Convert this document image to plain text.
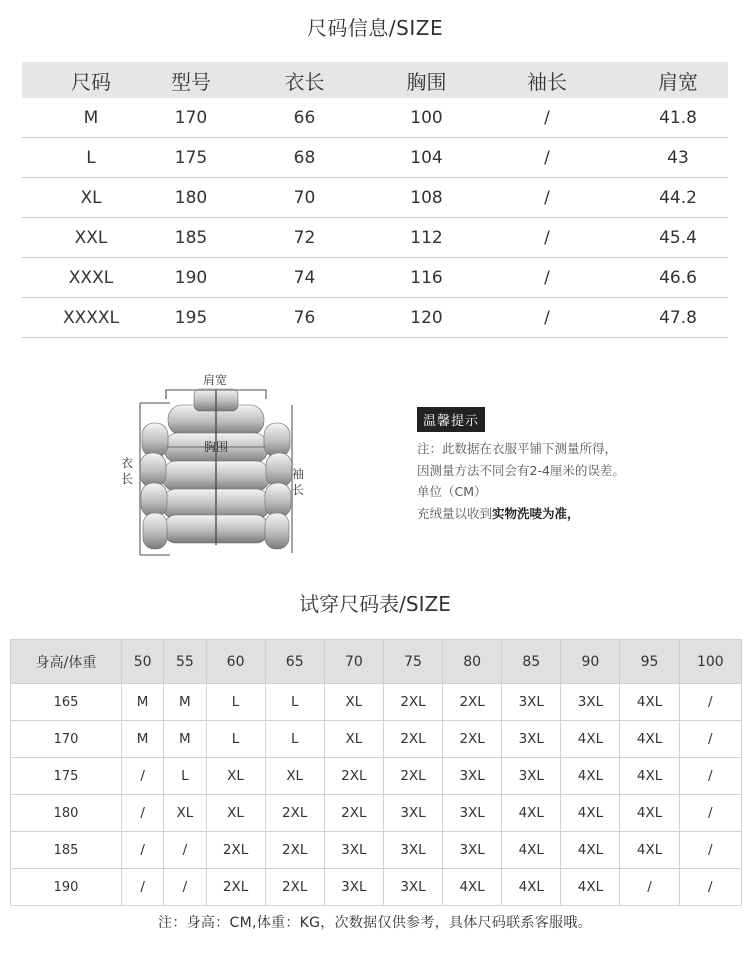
尺码信息/SIZE
尺码	型号	衣长	胸围	袖长	肩宽
M	170	66	100	/	41.8
L	175	68	104	/	43
XL	180	70	108	/	44.2
XXL	185	72	112	/	45.4
XXXL	190	74	116	/	46.6
XXXXL	195	76	120	/	47.8
肩宽
胸围
衣长	袖长
温馨提示
注：此数据在衣服平铺下测量所得，
因测量方法不同会有2-4厘米的误差。
单位（CM）
充绒量以收到实物洗唛为准，
试穿尺码表/SIZE
身高/体重	50	55	60	65	70	75	80	85	90	95	100
165	M	M	L	L	XL	2XL	2XL	3XL	3XL	4XL	/
170	M	M	L	L	XL	2XL	2XL	3XL	4XL	4XL	/
175	/	L	XL	XL	2XL	2XL	3XL	3XL	4XL	4XL	/
180	/	XL	XL	2XL	2XL	3XL	3XL	4XL	4XL	4XL	/
185	/	/	2XL	2XL	3XL	3XL	3XL	4XL	4XL	4XL	/
190	/	/	2XL	2XL	3XL	3XL	4XL	4XL	4XL	/	/
注：身高：CM,体重：KG，次数据仅供参考，具体尺码联系客服哦。
